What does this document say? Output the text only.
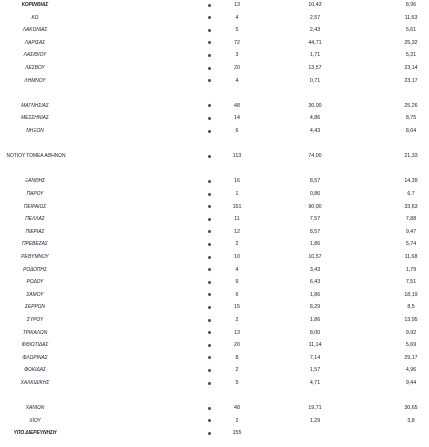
ΚΟΡΙΝΘΙΑΣ	13	10,43	8,96
ΚΩ	4	2,57	11,63
ΛΑΚΩΝΙΑΣ	5	2,43	5,61
ΛΑΡΙΣΑΣ	72	44,71	25,32
ΛΑΣΙΘΙΟΥ	3	1,71	5,31
ΛΕΣΒΟΥ	20	13,57	23,14
ΛΗΜΝΟΥ	4	0,71	23,17
ΜΑΓΝΗΣΙΑΣ	48	30,00	25,26
ΜΕΣΣΗΝΙΑΣ	14	4,86	8,75
ΝΗΞΟΝ	6	4,43	8,04
ΝΟΤΙΟΥ ΤΟΜΕΑ ΑΘΗΝΩΝ	113	74,00	21,33
ΞΑΝΘΗΣ	16	8,57	14,39
ΠΑΡΟΥ	1	0,86	6,7
ΠΕΙΡΑΙΩΣ	151	90,00	33,63
ΠΕΛΛΑΣ	11	7,57	7,88
ΠΙΕΡΙΑΣ	12	8,57	9,47
ΠΡΕΒΕΖΑΣ	2	1,86	5,74
ΡΕΘΥΜΝΟΥ	10	10,57	11,68
ΡΟΔΟΠΗΣ	4	3,43	1,79
ΡΟΔΟΥ	9	6,43	7,51
ΣΑΜΟΥ	6	1,86	18,19
ΣΕΡΡΩΝ	15	8,29	8,5
ΣΥΡΟΥ	2	1,86	13,95
ΤΡΙΚΑΛΩΝ	13	8,00	9,92
ΦΘΙΩΤΙΔΑΣ	20	11,14	5,69
ΦΛΩΡΙΝΑΣ	8	7,14	29,17
ΦΩΚΙΔΑΣ	2	1,57	4,96
ΧΑΛΚΙΔΙΚΗΣ	5	4,71	9,44
ΧΑΝΙΩΝ	48	19,71	30,65
ΧΙΟΥ	2	1,29	3,8
ΥΠΟ ΔΙΕΡΕΥΝΗΣΗ	155
